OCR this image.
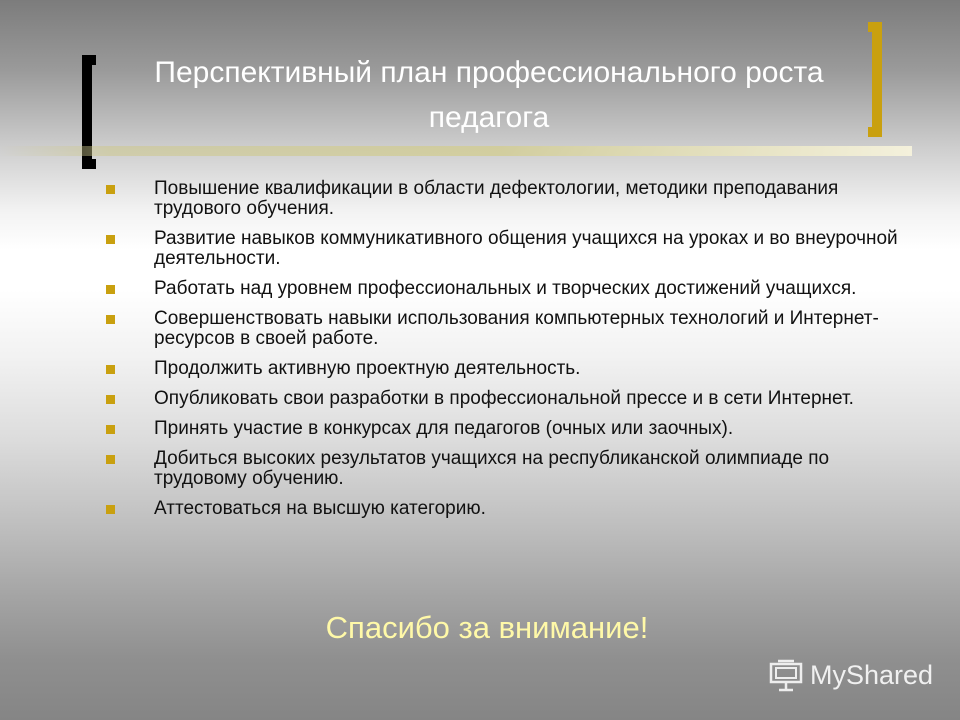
Перспективный план профессионального роста педагога
Повышение квалификации в области дефектологии, методики преподавания трудового обучения.
Развитие навыков коммуникативного общения учащихся на уроках и во внеурочной деятельности.
Работать над уровнем профессиональных и творческих достижений учащихся.
Совершенствовать навыки использования компьютерных технологий и Интернет-ресурсов в своей работе.
Продолжить активную проектную деятельность.
Опубликовать свои разработки в профессиональной прессе и в сети Интернет.
Принять участие в конкурсах для педагогов (очных или заочных).
Добиться высоких результатов учащихся на республиканской олимпиаде по трудовому обучению.
Аттестоваться на высшую категорию.
Спасибо за внимание!
MyShared
